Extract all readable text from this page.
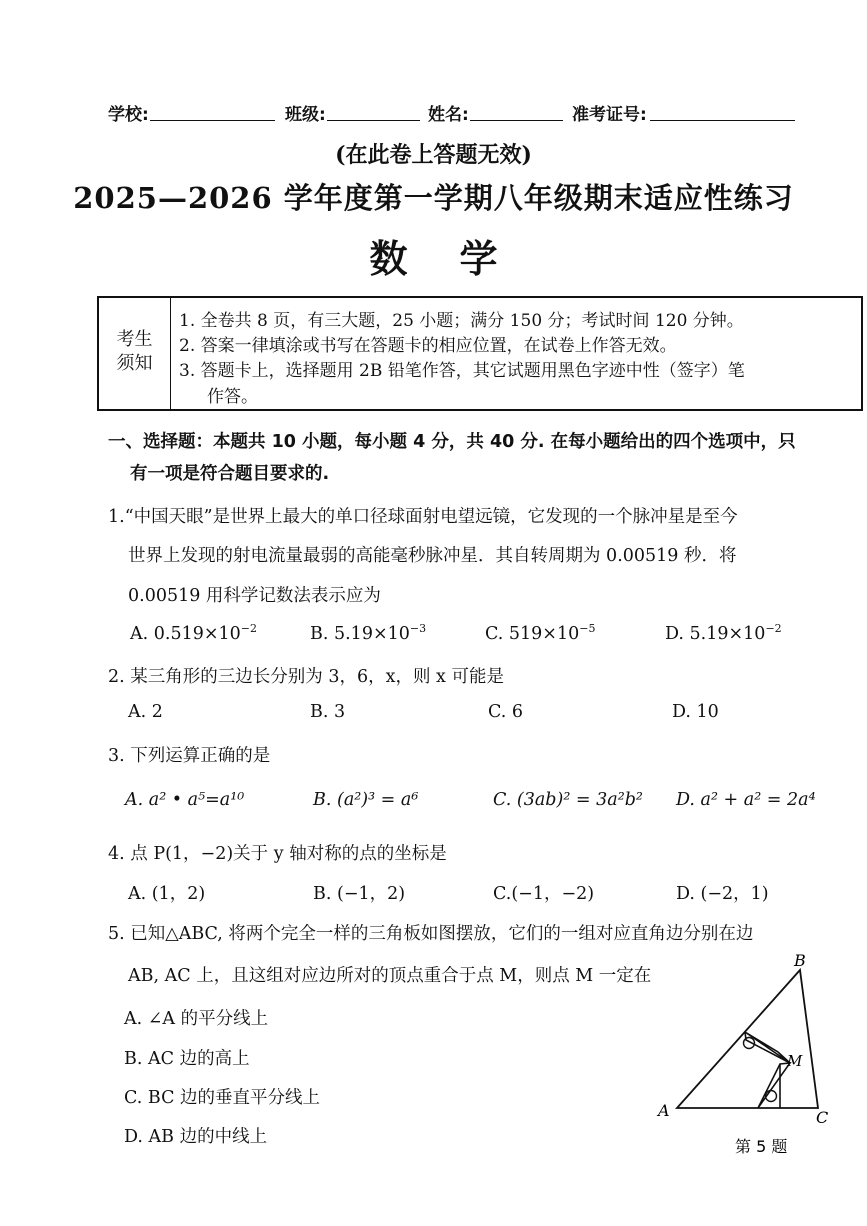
学校:	班级:	姓名:	准考证号:
(在此卷上答题无效)
2025—2026 学年度第一学期八年级期末适应性练习
数学
考生
须知
1. 全卷共 8 页，有三大题，25 小题；满分 150 分；考试时间 120 分钟。
2. 答案一律填涂或书写在答题卡的相应位置，在试卷上作答无效。
3. 答题卡上，选择题用 2B 铅笔作答，其它试题用黑色字迹中性（签字）笔
作答。
一、选择题：本题共 10 小题，每小题 4 分，共 40 分. 在每小题给出的四个选项中，只
有一项是符合题目要求的.
1.“中国天眼”是世界上最大的单口径球面射电望远镜，它发现的一个脉冲星是至今
世界上发现的射电流量最弱的高能毫秒脉冲星．其自转周期为 0.00519 秒．将
0.00519 用科学记数法表示应为
A. $0.519\times 10^{-2}$	B. $5.19\times 10^{-3}$	C. $519\times 10^{-5}$	D. $5.19\times 10^{-2}$
2. 某三角形的三边长分别为 3，6，x，则 x 可能是
A. 2	B. 3	C. 6	D. 10
3. 下列运算正确的是
A. a² • a⁵=a¹⁰	B. (a²)³ = a⁶	C. (3ab)² = 3a²b² D. a² + a² = 2a⁴
4. 点 P(1，−2)关于 y 轴对称的点的坐标是
A. (1，2)	B. (−1，2)	C.(−1，−2)	D. (−2，1)
5. 已知△ABC, 将两个完全一样的三角板如图摆放，它们的一组对应直角边分别在边
AB, AC 上，且这组对应边所对的顶点重合于点 M，则点 M 一定在
A. ∠A 的平分线上
B. AC 边的高上
C. BC 边的垂直平分线上
D. AB 边的中线上
A
B
C
M
第 5 题
